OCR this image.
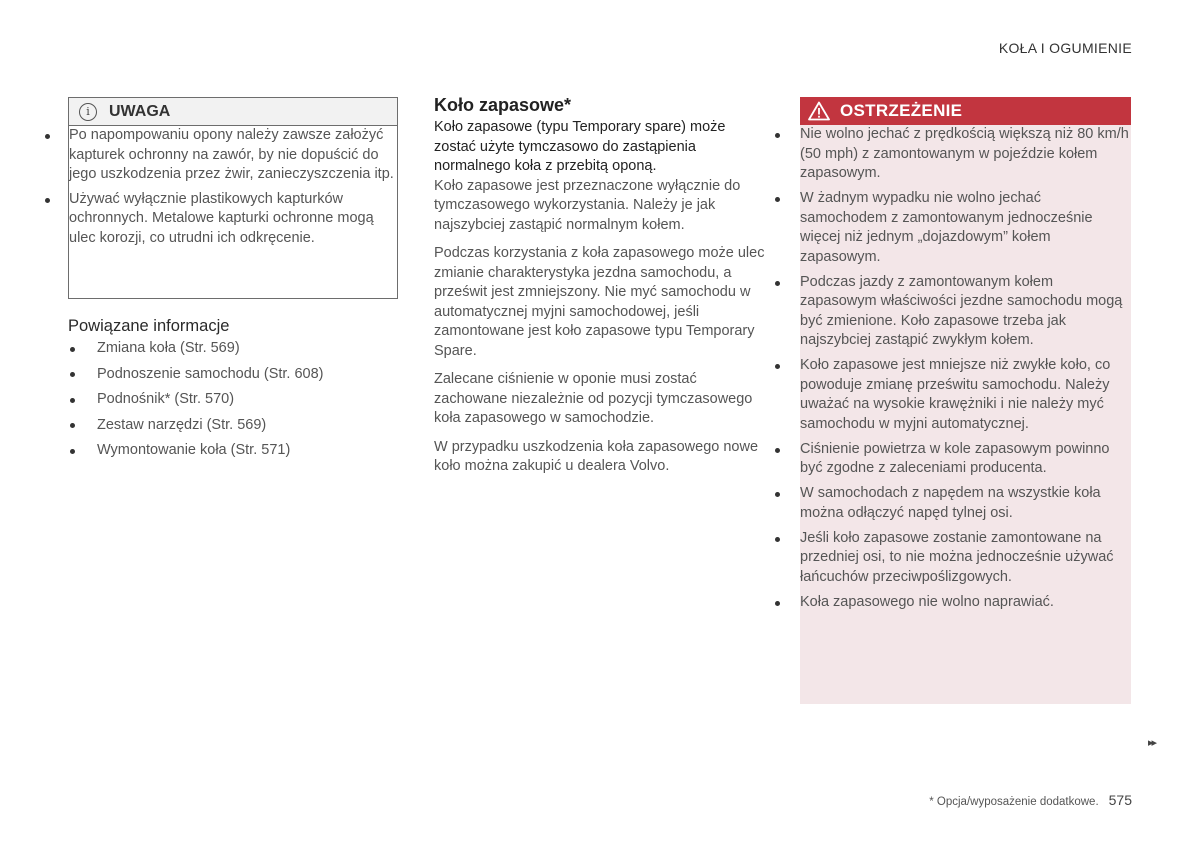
KOŁA I OGUMIENIE
i	UWAGA
Po napompowaniu opony należy zawsze założyć kapturek ochronny na zawór, by nie dopuścić do jego uszkodzenia przez żwir, zanieczyszczenia itp.
Używać wyłącznie plastikowych kapturków ochronnych. Metalowe kapturki ochronne mogą ulec korozji, co utrudni ich odkręcenie.
Powiązane informacje
Zmiana koła (Str. 569)
Podnoszenie samochodu (Str. 608)
Podnośnik* (Str. 570)
Zestaw narzędzi (Str. 569)
Wymontowanie koła (Str. 571)
Koło zapasowe*

Koło zapasowe (typu Temporary spare) może zostać użyte tymczasowo do zastąpienia normalnego koła z przebitą oponą.

Koło zapasowe jest przeznaczone wyłącznie do tymczasowego wykorzystania. Należy je jak najszybciej zastąpić normalnym kołem.

Podczas korzystania z koła zapasowego może ulec zmianie charakterystyka jezdna samochodu, a prześwit jest zmniejszony. Nie myć samochodu w automatycznej myjni samochodowej, jeśli zamontowane jest koło zapasowe typu Temporary Spare.

Zalecane ciśnienie w oponie musi zostać zachowane niezależnie od pozycji tymczasowego koła zapasowego w samochodzie.

W przypadku uszkodzenia koła zapasowego nowe koło można zakupić u dealera Volvo.

OSTRZEŻENIE
Nie wolno jechać z prędkością większą niż 80 km/h (50 mph) z zamontowanym w pojeździe kołem zapasowym.
W żadnym wypadku nie wolno jechać samochodem z zamontowanym jednocześnie więcej niż jednym „dojazdowym” kołem zapasowym.
Podczas jazdy z zamontowanym kołem zapasowym właściwości jezdne samochodu mogą być zmienione. Koło zapasowe trzeba jak najszybciej zastąpić zwykłym kołem.
Koło zapasowe jest mniejsze niż zwykłe koło, co powoduje zmianę prześwitu samochodu. Należy uważać na wysokie krawężniki i nie należy myć samochodu w myjni automatycznej.
Ciśnienie powietrza w kole zapasowym powinno być zgodne z zaleceniami producenta.
W samochodach z napędem na wszystkie koła można odłączyć napęd tylnej osi.
Jeśli koło zapasowe zostanie zamontowane na przedniej osi, to nie można jednocześnie używać łańcuchów przeciwpoślizgowych.
Koła zapasowego nie wolno naprawiać.
▸▸
* Opcja/wyposażenie dodatkowe. 575
